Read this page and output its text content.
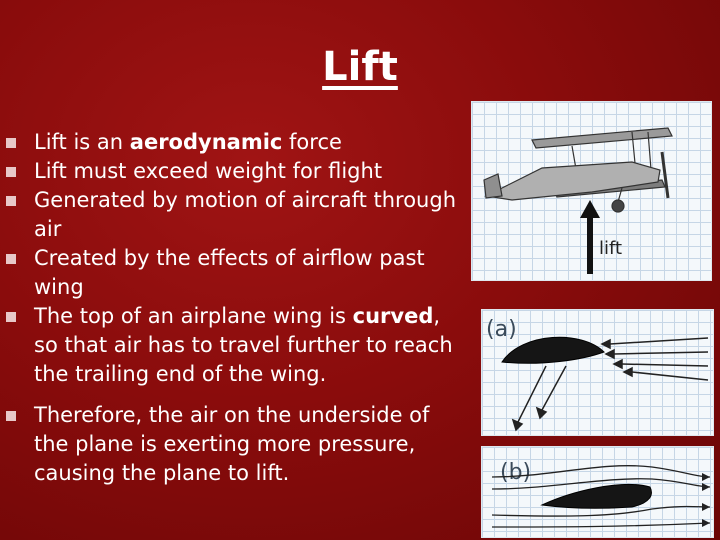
Lift
Lift is an aerodynamic force
Lift must exceed weight for flight
Generated by motion of aircraft through air
Created by the effects of airflow past wing
The top of an airplane wing is curved, so that air has to travel further to reach the trailing end of the wing.
Therefore, the air on the underside of the plane is exerting more pressure, causing the plane to lift.
lift
(a)
(b)
